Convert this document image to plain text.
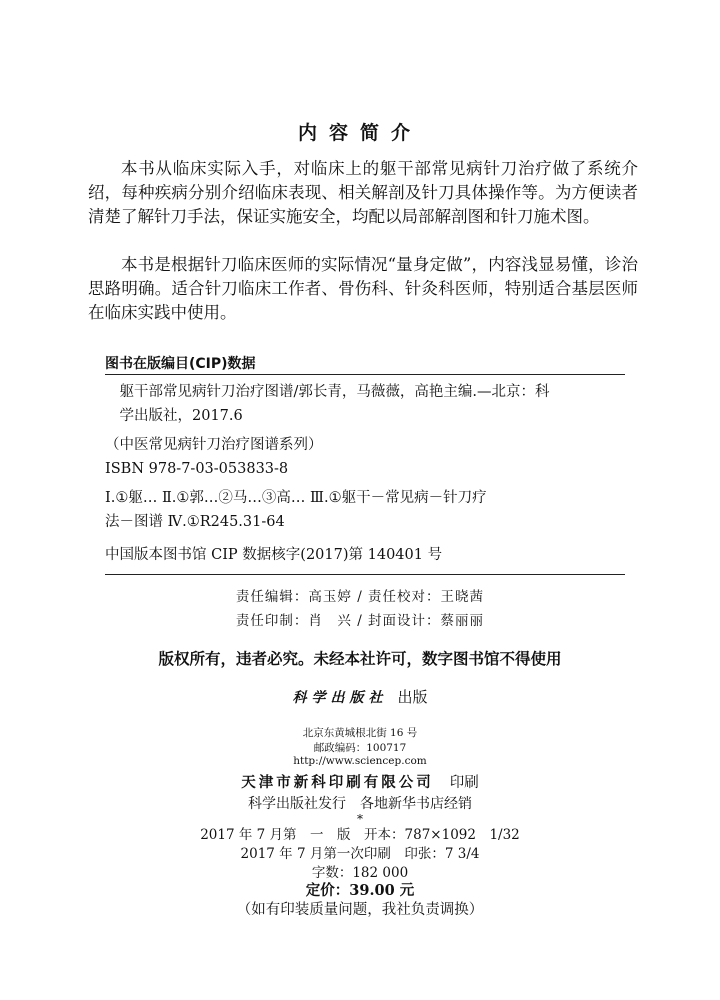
内容简介
本书从临床实际入手，对临床上的躯干部常见病针刀治疗做了系统介绍，每种疾病分别介绍临床表现、相关解剖及针刀具体操作等。为方便读者清楚了解针刀手法，保证实施安全，均配以局部解剖图和针刀施术图。
本书是根据针刀临床医师的实际情况“量身定做”，内容浅显易懂，诊治思路明确。适合针刀临床工作者、骨伤科、针灸科医师，特别适合基层医师在临床实践中使用。
图书在版编目(CIP)数据
躯干部常见病针刀治疗图谱/郭长青，马薇薇，高艳主编.—北京：科
学出版社，2017.6
（中医常见病针刀治疗图谱系列）
ISBN 978-7-03-053833-8
Ⅰ.①躯… Ⅱ.①郭…②马…③高… Ⅲ.①躯干－常见病－针刀疗
法－图谱 Ⅳ.①R245.31-64
中国版本图书馆 CIP 数据核字(2017)第 140401 号
责任编辑：高玉婷 / 责任校对：王晓茜
责任印制：肖　兴 / 封面设计：蔡丽丽
版权所有，违者必究。未经本社许可，数字图书馆不得使用
科学出版社 出版
北京东黄城根北街 16 号
邮政编码：100717
http://www.sciencep.com
天津市新科印刷有限公司 印刷
科学出版社发行　各地新华书店经销
*
2017 年 7 月第　一　版　开本：787×1092　1/32
2017 年 7 月第一次印刷　印张：7 3/4
字数：182 000
定价：39.00 元
（如有印装质量问题，我社负责调换）
